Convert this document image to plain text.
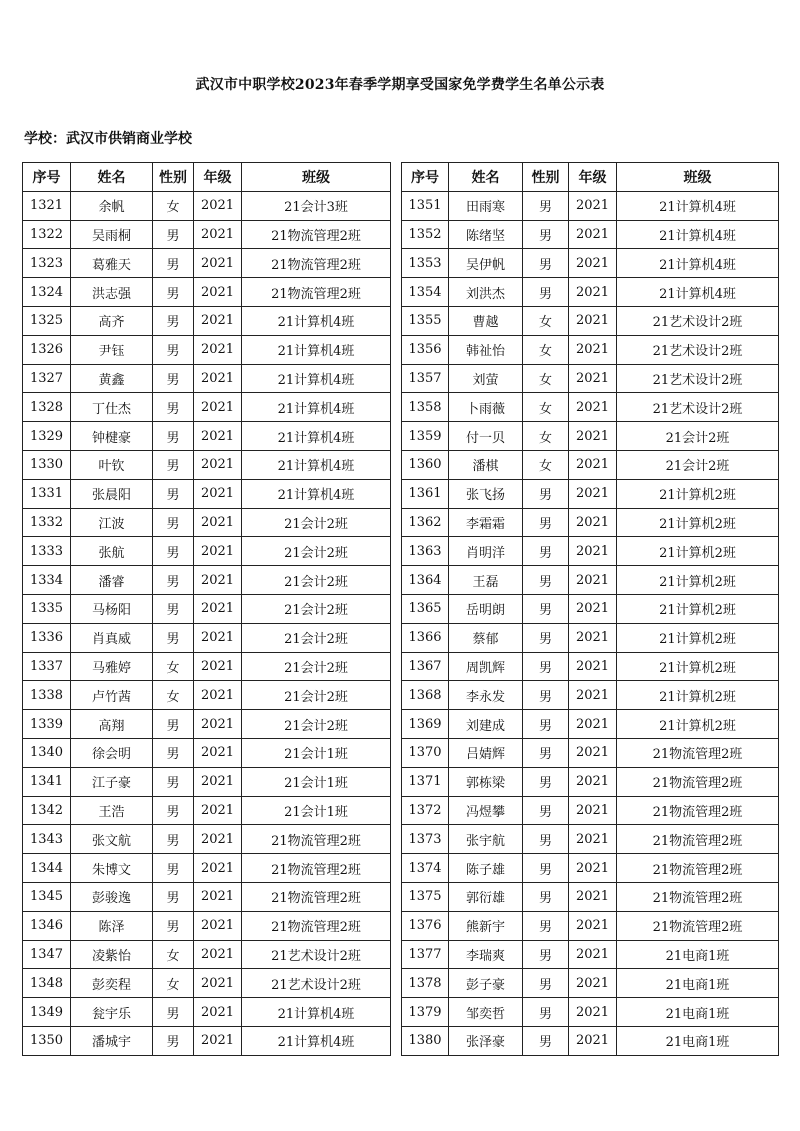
武汉市中职学校2023年春季学期享受国家免学费学生名单公示表
学校：武汉市供销商业学校
序号	姓名	性别	年级	班级
1321	余帆	女	2021	21会计3班
1322	吴雨桐	男	2021	21物流管理2班
1323	葛雅天	男	2021	21物流管理2班
1324	洪志强	男	2021	21物流管理2班
1325	高齐	男	2021	21计算机4班
1326	尹钰	男	2021	21计算机4班
1327	黄鑫	男	2021	21计算机4班
1328	丁仕杰	男	2021	21计算机4班
1329	钟楗豪	男	2021	21计算机4班
1330	叶钦	男	2021	21计算机4班
1331	张晨阳	男	2021	21计算机4班
1332	江波	男	2021	21会计2班
1333	张航	男	2021	21会计2班
1334	潘睿	男	2021	21会计2班
1335	马杨阳	男	2021	21会计2班
1336	肖真威	男	2021	21会计2班
1337	马雅婷	女	2021	21会计2班
1338	卢竹茜	女	2021	21会计2班
1339	高翔	男	2021	21会计2班
1340	徐会明	男	2021	21会计1班
1341	江子豪	男	2021	21会计1班
1342	王浩	男	2021	21会计1班
1343	张文航	男	2021	21物流管理2班
1344	朱博文	男	2021	21物流管理2班
1345	彭骏逸	男	2021	21物流管理2班
1346	陈泽	男	2021	21物流管理2班
1347	凌紫怡	女	2021	21艺术设计2班
1348	彭奕程	女	2021	21艺术设计2班
1349	瓮宇乐	男	2021	21计算机4班
1350	潘城宇	男	2021	21计算机4班
序号	姓名	性别	年级	班级
1351	田雨寒	男	2021	21计算机4班
1352	陈绪坚	男	2021	21计算机4班
1353	吴伊帆	男	2021	21计算机4班
1354	刘洪杰	男	2021	21计算机4班
1355	曹越	女	2021	21艺术设计2班
1356	韩祉怡	女	2021	21艺术设计2班
1357	刘萤	女	2021	21艺术设计2班
1358	卜雨薇	女	2021	21艺术设计2班
1359	付一贝	女	2021	21会计2班
1360	潘棋	女	2021	21会计2班
1361	张飞扬	男	2021	21计算机2班
1362	李霜霜	男	2021	21计算机2班
1363	肖明洋	男	2021	21计算机2班
1364	王磊	男	2021	21计算机2班
1365	岳明朗	男	2021	21计算机2班
1366	蔡郁	男	2021	21计算机2班
1367	周凯辉	男	2021	21计算机2班
1368	李永发	男	2021	21计算机2班
1369	刘建成	男	2021	21计算机2班
1370	吕婧辉	男	2021	21物流管理2班
1371	郭栋梁	男	2021	21物流管理2班
1372	冯煜攀	男	2021	21物流管理2班
1373	张宇航	男	2021	21物流管理2班
1374	陈子雄	男	2021	21物流管理2班
1375	郭衍雄	男	2021	21物流管理2班
1376	熊新宇	男	2021	21物流管理2班
1377	李瑞爽	男	2021	21电商1班
1378	彭子豪	男	2021	21电商1班
1379	邹奕哲	男	2021	21电商1班
1380	张泽豪	男	2021	21电商1班
